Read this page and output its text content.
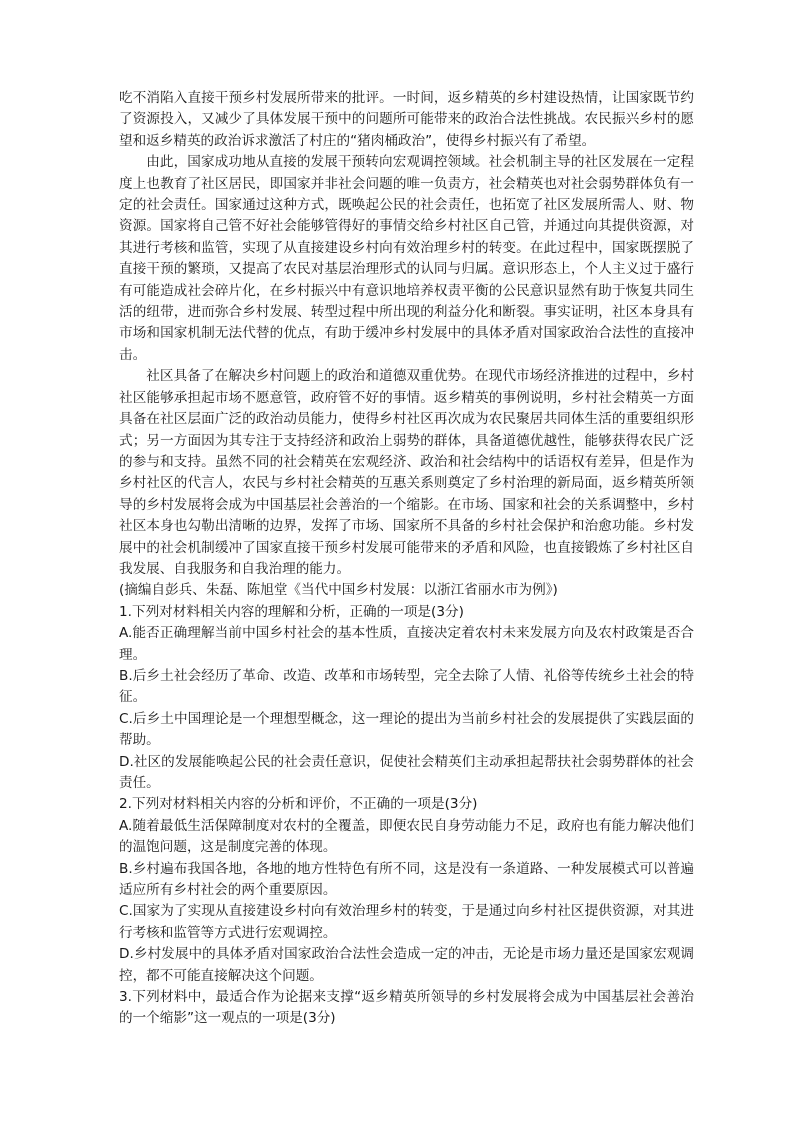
吃不消陷入直接干预乡村发展所带来的批评。一时间，返乡精英的乡村建设热情，让国家既节约了资源投入，又减少了具体发展干预中的问题所可能带来的政治合法性挑战。农民振兴乡村的愿望和返乡精英的政治诉求激活了村庄的“猪肉桶政治”，使得乡村振兴有了希望。

由此，国家成功地从直接的发展干预转向宏观调控领域。社会机制主导的社区发展在一定程度上也教育了社区居民，即国家并非社会问题的唯一负责方，社会精英也对社会弱势群体负有一定的社会责任。国家通过这种方式，既唤起公民的社会责任，也拓宽了社区发展所需人、财、物资源。国家将自己管不好社会能够管得好的事情交给乡村社区自己管，并通过向其提供资源，对其进行考核和监管，实现了从直接建设乡村向有效治理乡村的转变。在此过程中，国家既摆脱了直接干预的繁琐，又提高了农民对基层治理形式的认同与归属。意识形态上，个人主义过于盛行有可能造成社会碎片化，在乡村振兴中有意识地培养权责平衡的公民意识显然有助于恢复共同生活的纽带，进而弥合乡村发展、转型过程中所出现的利益分化和断裂。事实证明，社区本身具有市场和国家机制无法代替的优点，有助于缓冲乡村发展中的具体矛盾对国家政治合法性的直接冲击。

社区具备了在解决乡村问题上的政治和道德双重优势。在现代市场经济推进的过程中，乡村社区能够承担起市场不愿意管，政府管不好的事情。返乡精英的事例说明，乡村社会精英一方面具备在社区层面广泛的政治动员能力，使得乡村社区再次成为农民聚居共同体生活的重要组织形式；另一方面因为其专注于支持经济和政治上弱势的群体，具备道德优越性，能够获得农民广泛的参与和支持。虽然不同的社会精英在宏观经济、政治和社会结构中的话语权有差异，但是作为乡村社区的代言人，农民与乡村社会精英的互惠关系则奠定了乡村治理的新局面，返乡精英所领导的乡村发展将会成为中国基层社会善治的一个缩影。在市场、国家和社会的关系调整中，乡村社区本身也勾勒出清晰的边界，发挥了市场、国家所不具备的乡村社会保护和治愈功能。乡村发展中的社会机制缓冲了国家直接干预乡村发展可能带来的矛盾和风险，也直接锻炼了乡村社区自我发展、自我服务和自我治理的能力。

(摘编自彭兵、朱磊、陈旭堂《当代中国乡村发展：以浙江省丽水市为例》)

1.下列对材料相关内容的理解和分析，正确的一项是(3分)

A.能否正确理解当前中国乡村社会的基本性质，直接决定着农村未来发展方向及农村政策是否合理。

B.后乡土社会经历了革命、改造、改革和市场转型，完全去除了人情、礼俗等传统乡土社会的特征。

C.后乡土中国理论是一个理想型概念，这一理论的提出为当前乡村社会的发展提供了实践层面的帮助。

D.社区的发展能唤起公民的社会责任意识，促使社会精英们主动承担起帮扶社会弱势群体的社会责任。

2.下列对材料相关内容的分析和评价，不正确的一项是(3分)

A.随着最低生活保障制度对农村的全覆盖，即便农民自身劳动能力不足，政府也有能力解决他们的温饱问题，这是制度完善的体现。

B.乡村遍布我国各地，各地的地方性特色有所不同，这是没有一条道路、一种发展模式可以普遍适应所有乡村社会的两个重要原因。

C.国家为了实现从直接建设乡村向有效治理乡村的转变，于是通过向乡村社区提供资源，对其进行考核和监管等方式进行宏观调控。

D.乡村发展中的具体矛盾对国家政治合法性会造成一定的冲击，无论是市场力量还是国家宏观调控，都不可能直接解决这个问题。

3.下列材料中，最适合作为论据来支撑“返乡精英所领导的乡村发展将会成为中国基层社会善治的一个缩影”这一观点的一项是(3分)
